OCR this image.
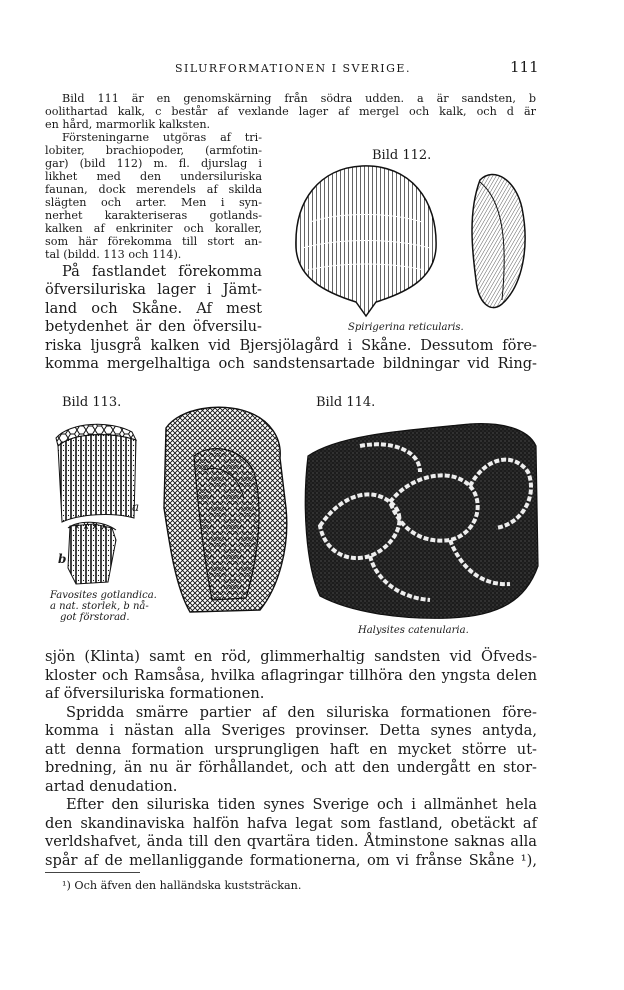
SILURFORMATIONEN I SVERIGE.	111
Bild 111 är en genomskärning från södra udden. a är sandsten, b
oolithartad kalk, c består af vexlande lager af mergel och kalk, och d är
en hård, marmorlik kalksten.
Försteningarne utgöras af tri-
lobiter, brachiopoder, (armfotin-
gar) (bild 112) m. fl. djurslag i
likhet med den undersiluriska
faunan, dock merendels af skilda
slägten och arter. Men i syn-
nerhet karakteriseras gotlands-
kalken af enkriniter och koraller,
som här förekomma till stort an-
tal (bildd. 113 och 114).
På fastlandet förekomma
öfversiluriska lager i Jämt-
land och Skåne. Af mest
betydenhet är den öfversilu-
riska ljusgrå kalken vid Bjersjölagård i Skåne. Dessutom före-
komma mergelhaltiga och sandstensartade bildningar vid Ring-
Bild 112.
Spirigerina reticularis.
Bild 113.
a
b
Favosites gotlandica.
a nat. storlek, b nå-
got förstorad.
Bild 114.
Halysites catenularia.
sjön (Klinta) samt en röd, glimmerhaltig sandsten vid Öfveds-
kloster och Ramsåsa, hvilka aflagringar tillhöra den yngsta delen
af öfversiluriska formationen.
Spridda smärre partier af den siluriska formationen före-
komma i nästan alla Sveriges provinser. Detta synes antyda,
att denna formation ursprungligen haft en mycket större ut-
bredning, än nu är förhållandet, och att den undergått en stor-
artad denudation.
Efter den siluriska tiden synes Sverige och i allmänhet hela
den skandinaviska halfön hafva legat som fastland, obetäckt af
verldshafvet, ända till den qvartära tiden. Åtminstone saknas alla
spår af de mellanliggande formationerna, om vi frånse Skåne ¹),
¹) Och äfven den halländska kuststräckan.
